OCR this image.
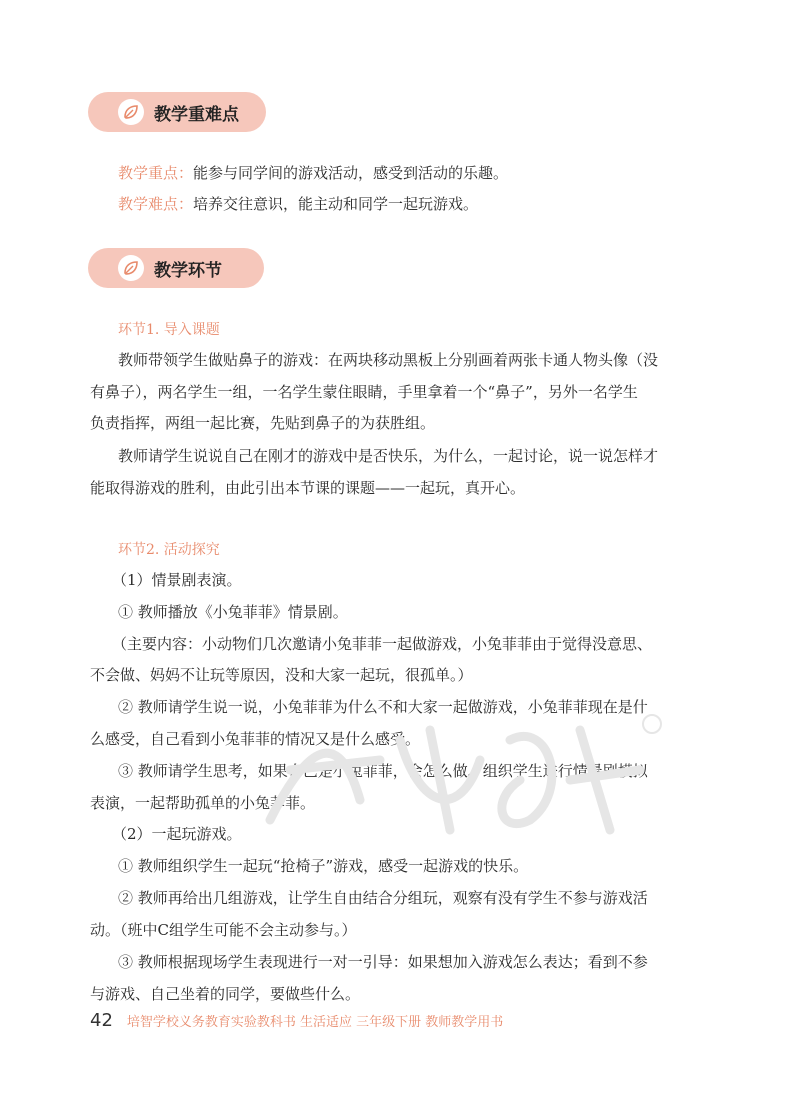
教学重难点
教学重点：能参与同学间的游戏活动，感受到活动的乐趣。
教学难点：培养交往意识，能主动和同学一起玩游戏。
教学环节
环节1. 导入课题
教师带领学生做贴鼻子的游戏：在两块移动黑板上分别画着两张卡通人物头像（没
有鼻子），两名学生一组，一名学生蒙住眼睛，手里拿着一个“鼻子”，另外一名学生
负责指挥，两组一起比赛，先贴到鼻子的为获胜组。
教师请学生说说自己在刚才的游戏中是否快乐，为什么，一起讨论，说一说怎样才
能取得游戏的胜利，由此引出本节课的课题——一起玩，真开心。
环节2. 活动探究
（1）情景剧表演。
① 教师播放《小兔菲菲》情景剧。
（主要内容：小动物们几次邀请小兔菲菲一起做游戏，小兔菲菲由于觉得没意思、
不会做、妈妈不让玩等原因，没和大家一起玩，很孤单。）
② 教师请学生说一说，小兔菲菲为什么不和大家一起做游戏，小兔菲菲现在是什
么感受，自己看到小兔菲菲的情况又是什么感受。
③ 教师请学生思考，如果自己是小兔菲菲，会怎么做。组织学生进行情景剧模拟
表演，一起帮助孤单的小兔菲菲。
（2）一起玩游戏。
① 教师组织学生一起玩“抢椅子”游戏，感受一起游戏的快乐。
② 教师再给出几组游戏，让学生自由结合分组玩，观察有没有学生不参与游戏活
动。（班中C组学生可能不会主动参与。）
③ 教师根据现场学生表现进行一对一引导：如果想加入游戏怎么表达；看到不参
与游戏、自己坐着的同学，要做些什么。
42 培智学校义务教育实验教科书 生活适应 三年级下册 教师教学用书
